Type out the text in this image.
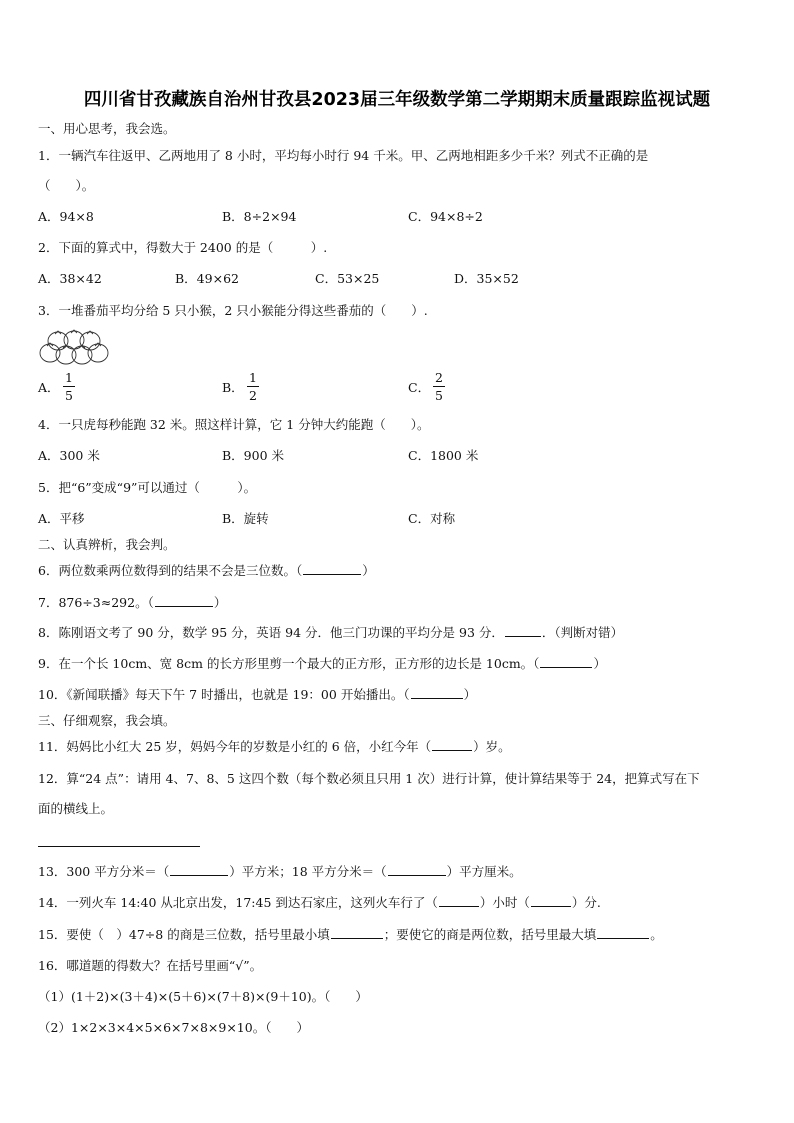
四川省甘孜藏族自治州甘孜县2023届三年级数学第二学期期末质量跟踪监视试题
一、用心思考，我会选。
1．一辆汽车往返甲、乙两地用了 8 小时，平均每小时行 94 千米。甲、乙两地相距多少千米？列式不正确的是
（　　）。
A．94×8	B．8÷2×94	C．94×8÷2
2．下面的算式中，得数大于 2400 的是（　　　）.
A．38×42	B．49×62	C．53×25	D．35×52
3．一堆番茄平均分给 5 只小猴，2 只小猴能分得这些番茄的（　　）.
A．
1
5
B．
1
2
C．
2
5
4．一只虎每秒能跑 32 米。照这样计算，它 1 分钟大约能跑（　　）。
A．300 米	B．900 米	C．1800 米
5．把“6”变成“9”可以通过（　　　）。
A．平移	B．旋转	C．对称
二、认真辨析，我会判。
6．两位数乘两位数得到的结果不会是三位数。（	）
7．876÷3≈292。（	）
8．陈刚语文考了 90 分，数学 95 分，英语 94 分．他三门功课的平均分是 93 分．	．（判断对错）
9．在一个长 10cm、宽 8cm 的长方形里剪一个最大的正方形，正方形的边长是 10cm。（	）
10．《新闻联播》每天下午 7 时播出，也就是 19：00 开始播出。（	）
三、仔细观察，我会填。
11．妈妈比小红大 25 岁，妈妈今年的岁数是小红的 6 倍，小红今年（	）岁。
12．算“24 点”：请用 4、7、8、5 这四个数（每个数必须且只用 1 次）进行计算，使计算结果等于 24，把算式写在下
面的横线上。
13．300 平方分米＝（	）平方米；18 平方分米＝（	）平方厘米。
14．一列火车 14:40 从北京出发，17:45 到达石家庄，这列火车行了（	）小时（	）分.
15．要使（　）47÷8 的商是三位数，括号里最小填	；要使它的商是两位数，括号里最大填	。
16．哪道题的得数大？在括号里画“√”。
（1）(1＋2)×(3＋4)×(5＋6)×(7＋8)×(9＋10)。（　　）
（2）1×2×3×4×5×6×7×8×9×10。（　　）
